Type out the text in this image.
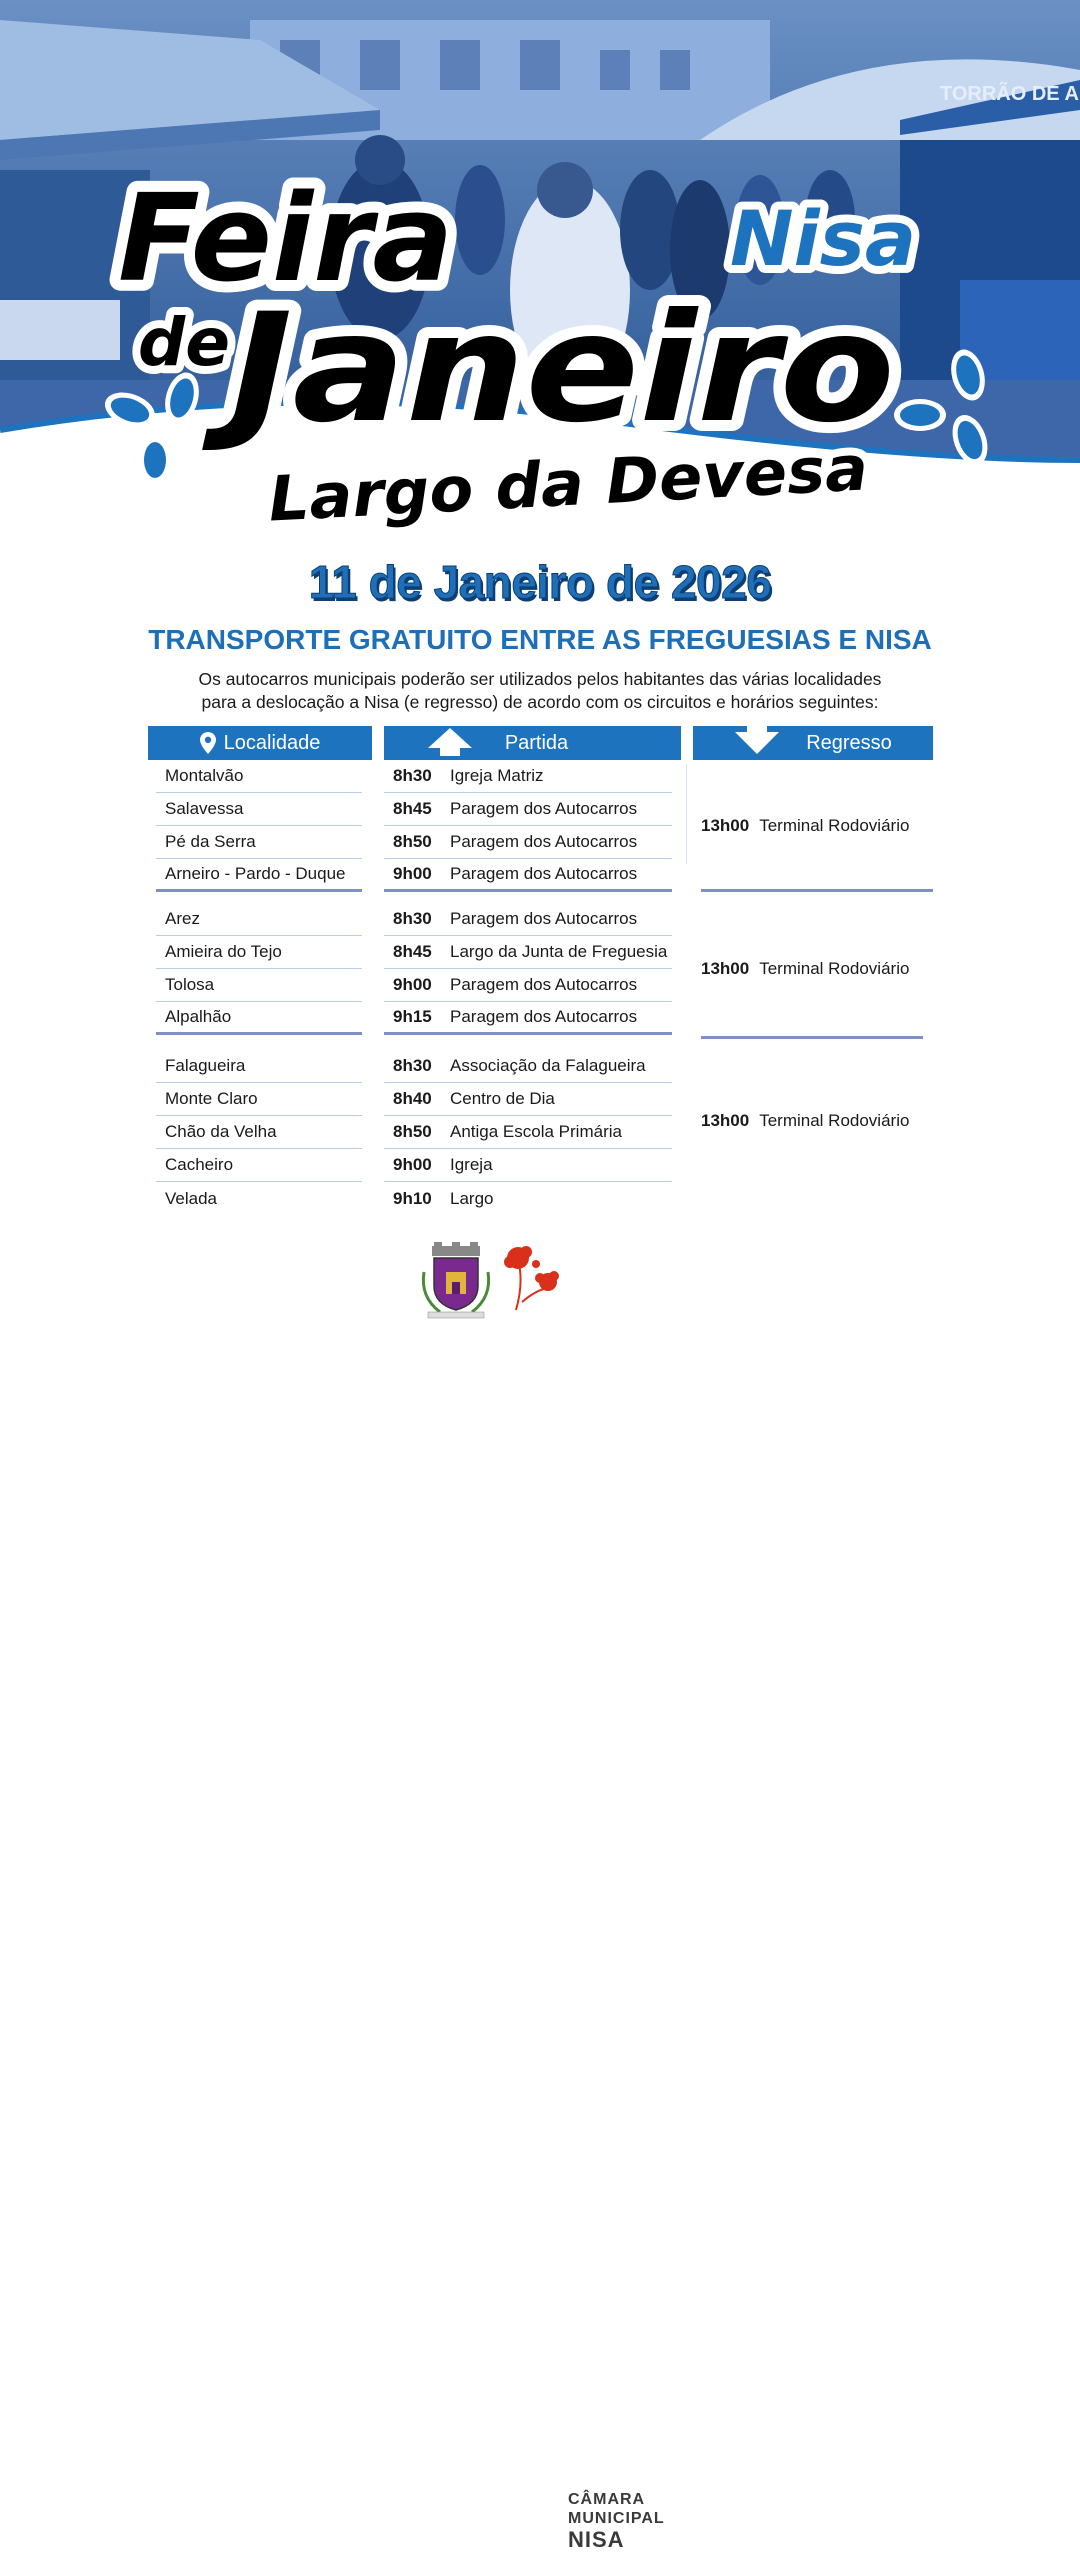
TORRÃO DE A
Feira	Nisa
de
Janeiro
Largo da Devesa
11 de Janeiro de 2026
TRANSPORTE GRATUITO ENTRE AS FREGUESIAS E NISA
Os autocarros municipais poderão ser utilizados pelos habitantes das várias localidades
para a deslocação a Nisa (e regresso) de acordo com os circuitos e horários seguintes:
Localidade	Partida	Regresso
Montalvão	8h30	Igreja Matriz
Salavessa	8h45	Paragem dos Autocarros
Pé da Serra	8h50	Paragem dos Autocarros
Arneiro - Pardo - Duque	9h00	Paragem dos Autocarros
13h00 Terminal Rodoviário
Arez	8h30	Paragem dos Autocarros
Amieira do Tejo	8h45	Largo da Junta de Freguesia
Tolosa	9h00	Paragem dos Autocarros
Alpalhão	9h15	Paragem dos Autocarros
13h00 Terminal Rodoviário
Falagueira	8h30	Associação da Falagueira
Monte Claro	8h40	Centro de Dia
Chão da Velha	8h50	Antiga Escola Primária
Cacheiro	9h00	Igreja
Velada	9h10	Largo
13h00 Terminal Rodoviário
CÂMARA
MUNICIPAL
NISA
